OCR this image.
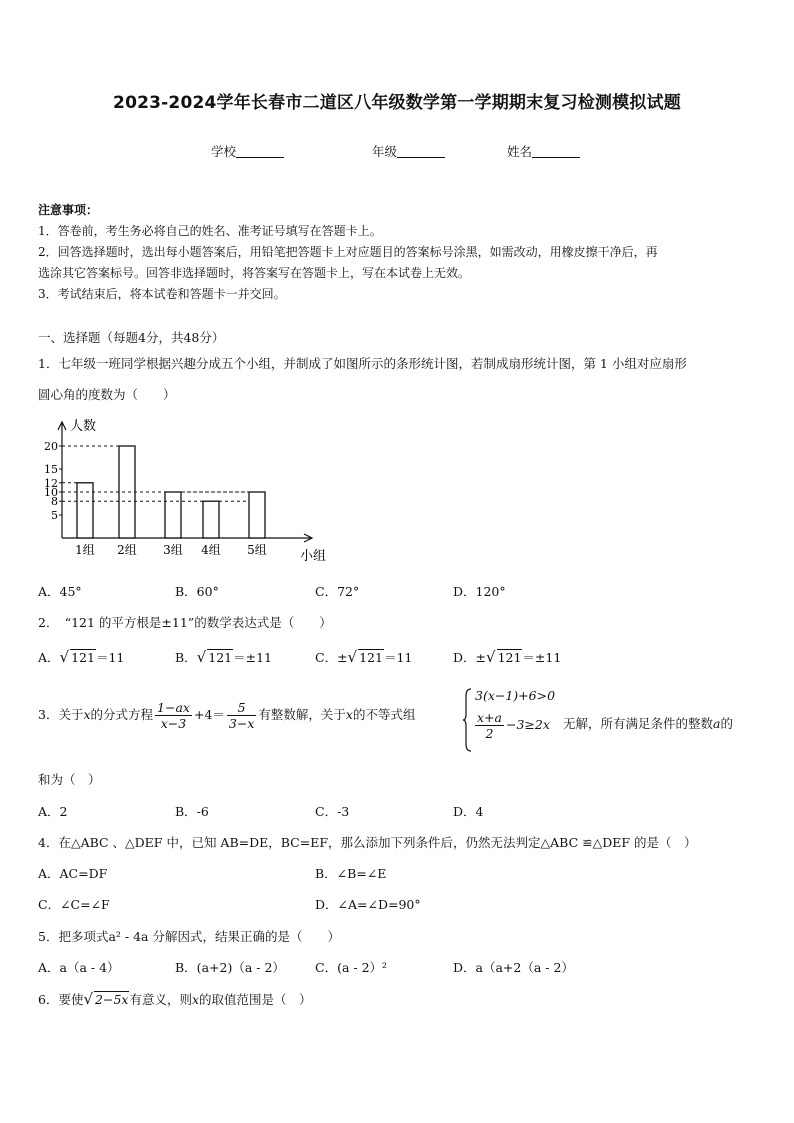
2023-2024学年长春市二道区八年级数学第一学期期末复习检测模拟试题
学校	年级	姓名
注意事项：
1．答卷前，考生务必将自己的姓名、准考证号填写在答题卡上。
2．回答选择题时，选出每小题答案后，用铅笔把答题卡上对应题目的答案标号涂黑，如需改动，用橡皮擦干净后，再
选涂其它答案标号。回答非选择题时，将答案写在答题卡上，写在本试卷上无效。
3．考试结束后，将本试卷和答题卡一并交回。
一、选择题（每题4分，共48分）
1．七年级一班同学根据兴趣分成五个小组，并制成了如图所示的条形统计图，若制成扇形统计图，第 1 小组对应扇形
圆心角的度数为（　　）
人数
小组
20
15
12
10
8
5
1组 2组 3组 4组 5组
A．45°	B．60°	C．72°	D．120°
2．　“121 的平方根是±11”的数学表达式是（　　）
A．√ 121＝11	B．√ 121＝±11	C．±√ 121＝11	D．±√ 121＝±11
3．关于x的分式方程 $\frac{1-ax}{x-3} +4= \frac{5}{3-x}$ 有整数解，关于x的不等式组
3(x−1)+6>0
$\frac{x+a}{2} -3\ge 2x$ 无解，所有满足条件的整数a的
和为（　）
A．2	B．-6	C．-3	D．4
4．在△ABC 、△DEF 中，已知 AB=DE，BC=EF，那么添加下列条件后，仍然无法判定△ABC ≌△DEF 的是（　）
A．AC=DF	B．∠B=∠E
C．∠C=∠F	D．∠A=∠D=90°
5．把多项式a² - 4a 分解因式，结果正确的是（　　）
A．a（a - 4）	B．(a+2)（a - 2） C．(a - 2）²	D．a（a+2（a - 2）
6．要使√ 2−5x有意义，则x的取值范围是（　）
